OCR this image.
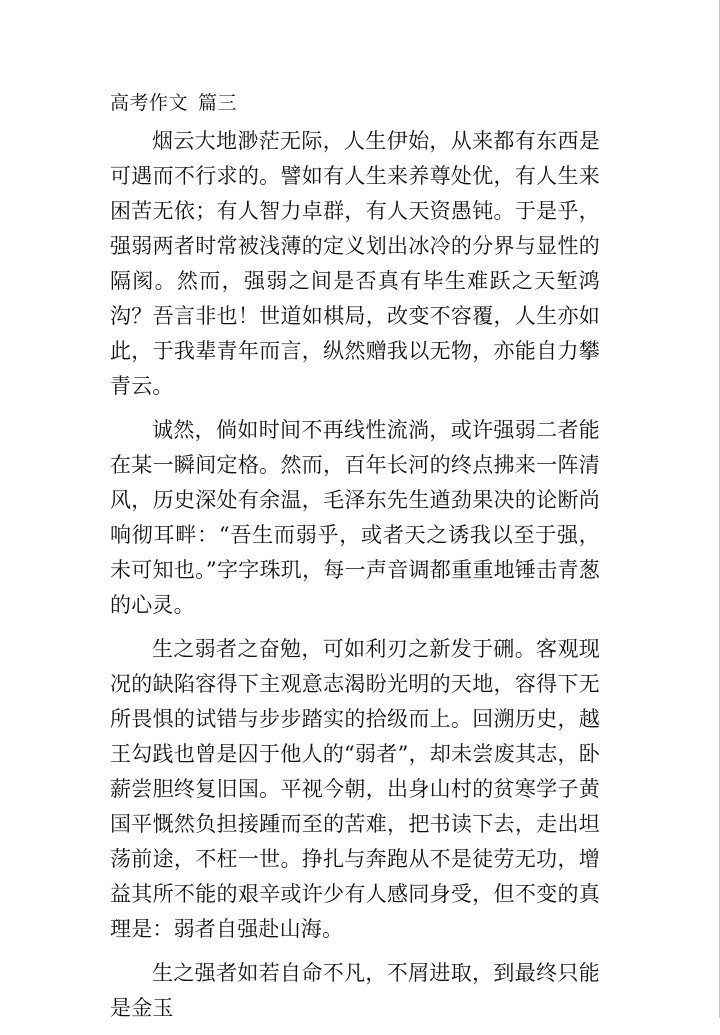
高考作文 篇三

烟云大地渺茫无际，人生伊始，从来都有东西是可遇而不行求的。譬如有人生来养尊处优，有人生来困苦无依；有人智力卓群，有人天资愚钝。于是乎，强弱两者时常被浅薄的定义划出冰冷的分界与显性的隔阂。然而，强弱之间是否真有毕生难跃之天堑鸿沟？吾言非也！世道如棋局，改变不容覆，人生亦如此，于我辈青年而言，纵然赠我以无物，亦能自力攀青云。

诚然，倘如时间不再线性流淌，或许强弱二者能在某一瞬间定格。然而，百年长河的终点拂来一阵清风，历史深处有余温，毛泽东先生遒劲果决的论断尚响彻耳畔：“吾生而弱乎，或者天之诱我以至于强，未可知也。”字字珠玑，每一声音调都重重地锤击青葱的心灵。

生之弱者之奋勉，可如利刃之新发于硎。客观现况的缺陷容得下主观意志渴盼光明的天地，容得下无所畏惧的试错与步步踏实的拾级而上。回溯历史，越王勾践也曾是囚于他人的“弱者”，却未尝废其志，卧薪尝胆终复旧国。平视今朝，出身山村的贫寒学子黄国平慨然负担接踵而至的苦难，把书读下去，走出坦荡前途，不枉一世。挣扎与奔跑从不是徒劳无功，增益其所不能的艰辛或许少有人感同身受，但不变的真理是：弱者自强赴山海。

生之强者如若自命不凡，不屑进取，到最终只能是金玉
